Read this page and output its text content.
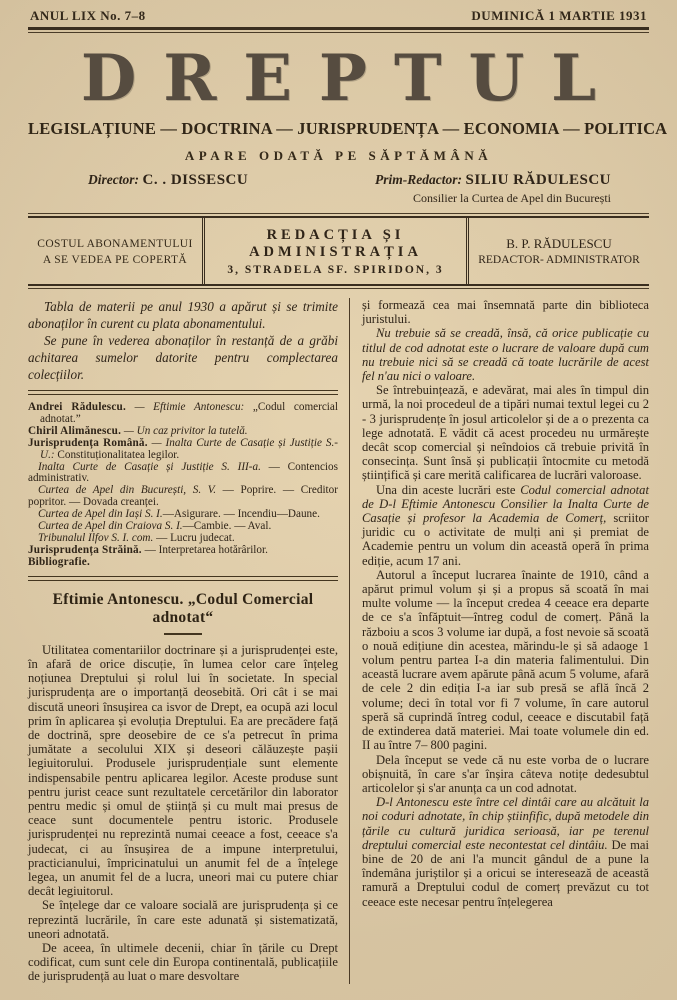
ANUL LIX No. 7–8	DUMINICĂ 1 MARTIE 1931
DREPTUL
LEGISLAȚIUNE — DOCTRINA — JURISPRUDENȚA — ECONOMIA — POLITICA
APARE ODATĂ PE SĂPTĂMÂNĂ
Director: C. . DISSESCU	Prim-Redactor: SILIU RĂDULESCU
Consilier la Curtea de Apel din București
COSTUL ABONAMENTULUI
A SE VEDEA PE COPERTĂ
REDACȚIA ȘI ADMINISTRAȚIA
3, STRADELA SF. SPIRIDON, 3
B. P. RĂDULESCU
REDACTOR- ADMINISTRATOR

Tabla de materii pe anul 1930 a apărut și se trimite abonaților în curent cu plata abonamentului.

Se pune în vederea abonaților în restanță de a grăbi achitarea sumelor datorite pentru complectarea colecțiilor.

Andrei Rădulescu. — Eftimie Antonescu: „Codul comercial adnotat.”
Chiril Alimănescu. — Un caz privitor la tutelă.
Jurisprudența Română. — Inalta Curte de Casație și Justiție S.-U.: Constituționalitatea legilor.
Inalta Curte de Casație și Justiție S. III-a. — Contencios administrativ.
Curtea de Apel din București, S. V. — Poprire. — Creditor popritor. — Dovada creanței.
Curtea de Apel din Iași S. I.—Asigurare. — Incendiu—Daune.
Curtea de Apel din Craiova S. I.—Cambie. — Aval.
Tribunalul Ilfov S. I. com. — Lucru judecat.
Jurisprudența Străină. — Interpretarea hotărârilor.
Bibliografie.
Eftimie Antonescu. „Codul Comercial adnotat“

Utilitatea comentariilor doctrinare și a jurisprudenței este, în afară de orice discuție, în lumea celor care înțeleg noțiunea Dreptului și rolul lui în societate. In special jurisprudența are o importanță deosebită. Ori cât i se mai discută uneori însușirea ca isvor de Drept, ea ocupă azi locul prim în aplicarea și evoluția Dreptului. Ea are precădere față de doctrină, spre deosebire de ce s'a petrecut în prima jumătate a secolului XIX și deseori călăuzește pașii legiuitorului. Produsele jurisprudențiale sunt elemente indispensabile pentru aplicarea legilor. Aceste produse sunt pentru jurist ceace sunt rezultatele cercetărilor din laborator pentru medic și omul de știință și cu mult mai presus de ceace sunt documentele pentru istoric. Produsele jurisprudenței nu reprezintă numai ceeace a fost, ceeace s'a judecat, ci au însușirea de a impune interpretului, practicianului, împricinatului un anumit fel de a înțelege legea, un anumit fel de a lucra, uneori mai cu putere chiar decât legiuitorul.

Se înțelege dar ce valoare socială are jurisprudența și ce reprezintă lucrările, în care este adunată și sistematizată, uneori adnotată.

De aceea, în ultimele decenii, chiar în țările cu Drept codificat, cum sunt cele din Europa continentală, publicațiile de jurisprudență au luat o mare desvoltare

și formează cea mai însemnată parte din biblioteca juristului.

Nu trebuie să se creadă, însă, că orice publicație cu titlul de cod adnotat este o lucrare de valoare după cum nu trebuie nici să se creadă că toate lucrările de acest fel n'au nici o valoare.

Se întrebuințează, e adevărat, mai ales în timpul din urmă, la noi procedeul de a tipări numai textul legei cu 2 - 3 jurisprudențe în josul articolelor și de a o prezenta ca lege adnotată. E vădit că acest procedeu nu urmărește decât scop comercial și neîndoios că trebuie privită în consecința. Sunt însă și publicații întocmite cu metodă științifică și care merită calificarea de lucrări valoroase.

Una din aceste lucrări este Codul comercial adnotat de D-l Eftimie Antonescu Consilier la Inalta Curte de Casație și profesor la Academia de Comerț, scriitor juridic cu o activitate de mulți ani și premiat de Academie pentru un volum din această operă în prima ediție, acum 17 ani.

Autorul a început lucrarea înainte de 1910, când a apărut primul volum și și a propus să scoată în mai multe volume — la început credea 4 ceeace era departe de ce s'a înfăptuit—întreg codul de comerț. Până la războiu a scos 3 volume iar după, a fost nevoie să scoată o nouă edițiune din acestea, mărindu-le și să adaoge 1 volum pentru partea I-a din materia falimentului. Din această lucrare avem apărute până acum 5 volume, afară de cele 2 din ediția I-a iar sub presă se află încă 2 volume; deci în total vor fi 7 volume, în care autorul speră să cuprindă întreg codul, ceeace e discutabil față de extinderea dată materiei. Mai toate volumele din ed. II au între 7– 800 pagini.

Dela început se vede că nu este vorba de o lucrare obișnuită, în care s'ar înșira câteva notițe dedesubtul articolelor și s'ar anunța ca un cod adnotat.

D-l Antonescu este între cel dintâi care au alcătuit la noi coduri adnotate, în chip știinfific, după metodele din țările cu cultură juridica serioasă, iar pe terenul dreptului comercial este necontestat cel dintâiu. De mai bine de 20 de ani l'a muncit gândul de a pune la îndemâna juriștilor și a oricui se interesează de această ramură a Dreptului codul de comerț prevăzut cu tot ceeace este necesar pentru înțelegerea
